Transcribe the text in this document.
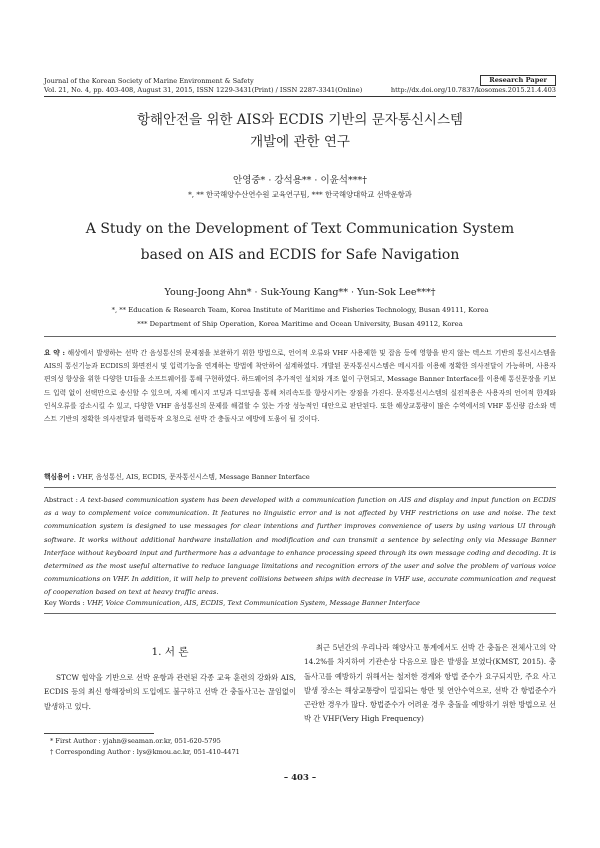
Journal of the Korean Society of Marine Environment & Safety
Vol. 21, No. 4, pp. 403-408, August 31, 2015, ISSN 1229-3431(Print) / ISSN 2287-3341(Online)	http://dx.doi.org/10.7837/kosomes.2015.21.4.403
Research Paper
항해안전을 위한 AIS와 ECDIS 기반의 문자통신시스템
개발에 관한 연구
안영중* · 강석용** · 이윤석***†
*, ** 한국해양수산연수원 교육연구팀, *** 한국해양대학교 선박운항과
A Study on the Development of Text Communication System
based on AIS and ECDIS for Safe Navigation
Young-Joong Ahn* · Suk-Young Kang** · Yun-Sok Lee***†
*, ** Education & Research Team, Korea Institute of Maritime and Fisheries Technology, Busan 49111, Korea
*** Department of Ship Operation, Korea Maritime and Ocean University, Busan 49112, Korea
요 약 : 해상에서 발생하는 선박 간 음성통신의 문제점을 보완하기 위한 방법으로, 언어적 오류와 VHF 사용제한 및 잡음 등에 영향을 받지 않는 텍스트 기반의 통신시스템을 AIS의 통신기능과 ECDIS의 화면전시 및 입력기능을 연계하는 방법에 착안하여 설계하였다. 개발된 문자통신시스템은 메시지를 이용해 정확한 의사전달이 가능하며, 사용자 편의성 향상을 위한 다양한 UI들을 소프트웨어를 통해 구현하였다. 하드웨어의 추가적인 설치와 개조 없이 구현되고, Message Banner Interface를 이용해 통신문장을 키보드 입력 없이 선택만으로 송신할 수 있으며, 자체 메시지 코딩과 디코딩을 통해 처리속도를 향상시키는 장점을 가진다. 문자통신시스템의 실전적용은 사용자의 언어적 한계와 인식오류를 감소시킬 수 있고, 다양한 VHF 음성통신의 문제를 해결할 수 있는 가장 성능적인 대안으로 판단된다. 또한 해상교통량이 많은 수역에서의 VHF 통신량 감소와 텍스트 기반의 정확한 의사전달과 협력동작 요청으로 선박 간 충돌사고 예방에 도움이 될 것이다.
핵심용어 : VHF, 음성통신, AIS, ECDIS, 문자통신시스템, Message Banner Interface
Abstract : A text-based communication system has been developed with a communication function on AIS and display and input function on ECDIS as a way to complement voice communication. It features no linguistic error and is not affected by VHF restrictions on use and noise. The text communication system is designed to use messages for clear intentions and further improves convenience of users by using various UI through software. It works without additional hardware installation and modification and can transmit a sentence by selecting only via Message Banner Interface without keyboard input and furthermore has a advantage to enhance processing speed through its own message coding and decoding. It is determined as the most useful alternative to reduce language limitations and recognition errors of the user and solve the problem of various voice communications on VHF. In addition, it will help to prevent collisions between ships with decrease in VHF use, accurate communication and request of cooperation based on text at heavy traffic areas.
Key Words : VHF, Voice Communication, AIS, ECDIS, Text Communication System, Message Banner Interface
1. 서 론
STCW 협약을 기반으로 선박 운항과 관련된 각종 교육 훈련의 강화와 AIS, ECDIS 등의 최신 항해장비의 도입에도 불구하고 선박 간 충돌사고는 끊임없이 발생하고 있다.
최근 5년간의 우리나라 해양사고 통계에서도 선박 간 충돌은 전체사고의 약 14.2%를 차지하여 기관손상 다음으로 많은 발생을 보였다(KMST, 2015). 충돌사고를 예방하기 위해서는 철저한 경계와 항법 준수가 요구되지만, 주요 사고발생 장소는 해상교통량이 밀집되는 항만 및 연안수역으로, 선박 간 항법준수가 곤란한 경우가 많다. 항법준수가 어려운 경우 충돌을 예방하기 위한 방법으로 선박 간 VHF(Very High Frequency)
* First Author : yjahn@seaman.or.kr, 051-620-5795
† Corresponding Author : lys@kmou.ac.kr, 051-410-4471
– 403 –
